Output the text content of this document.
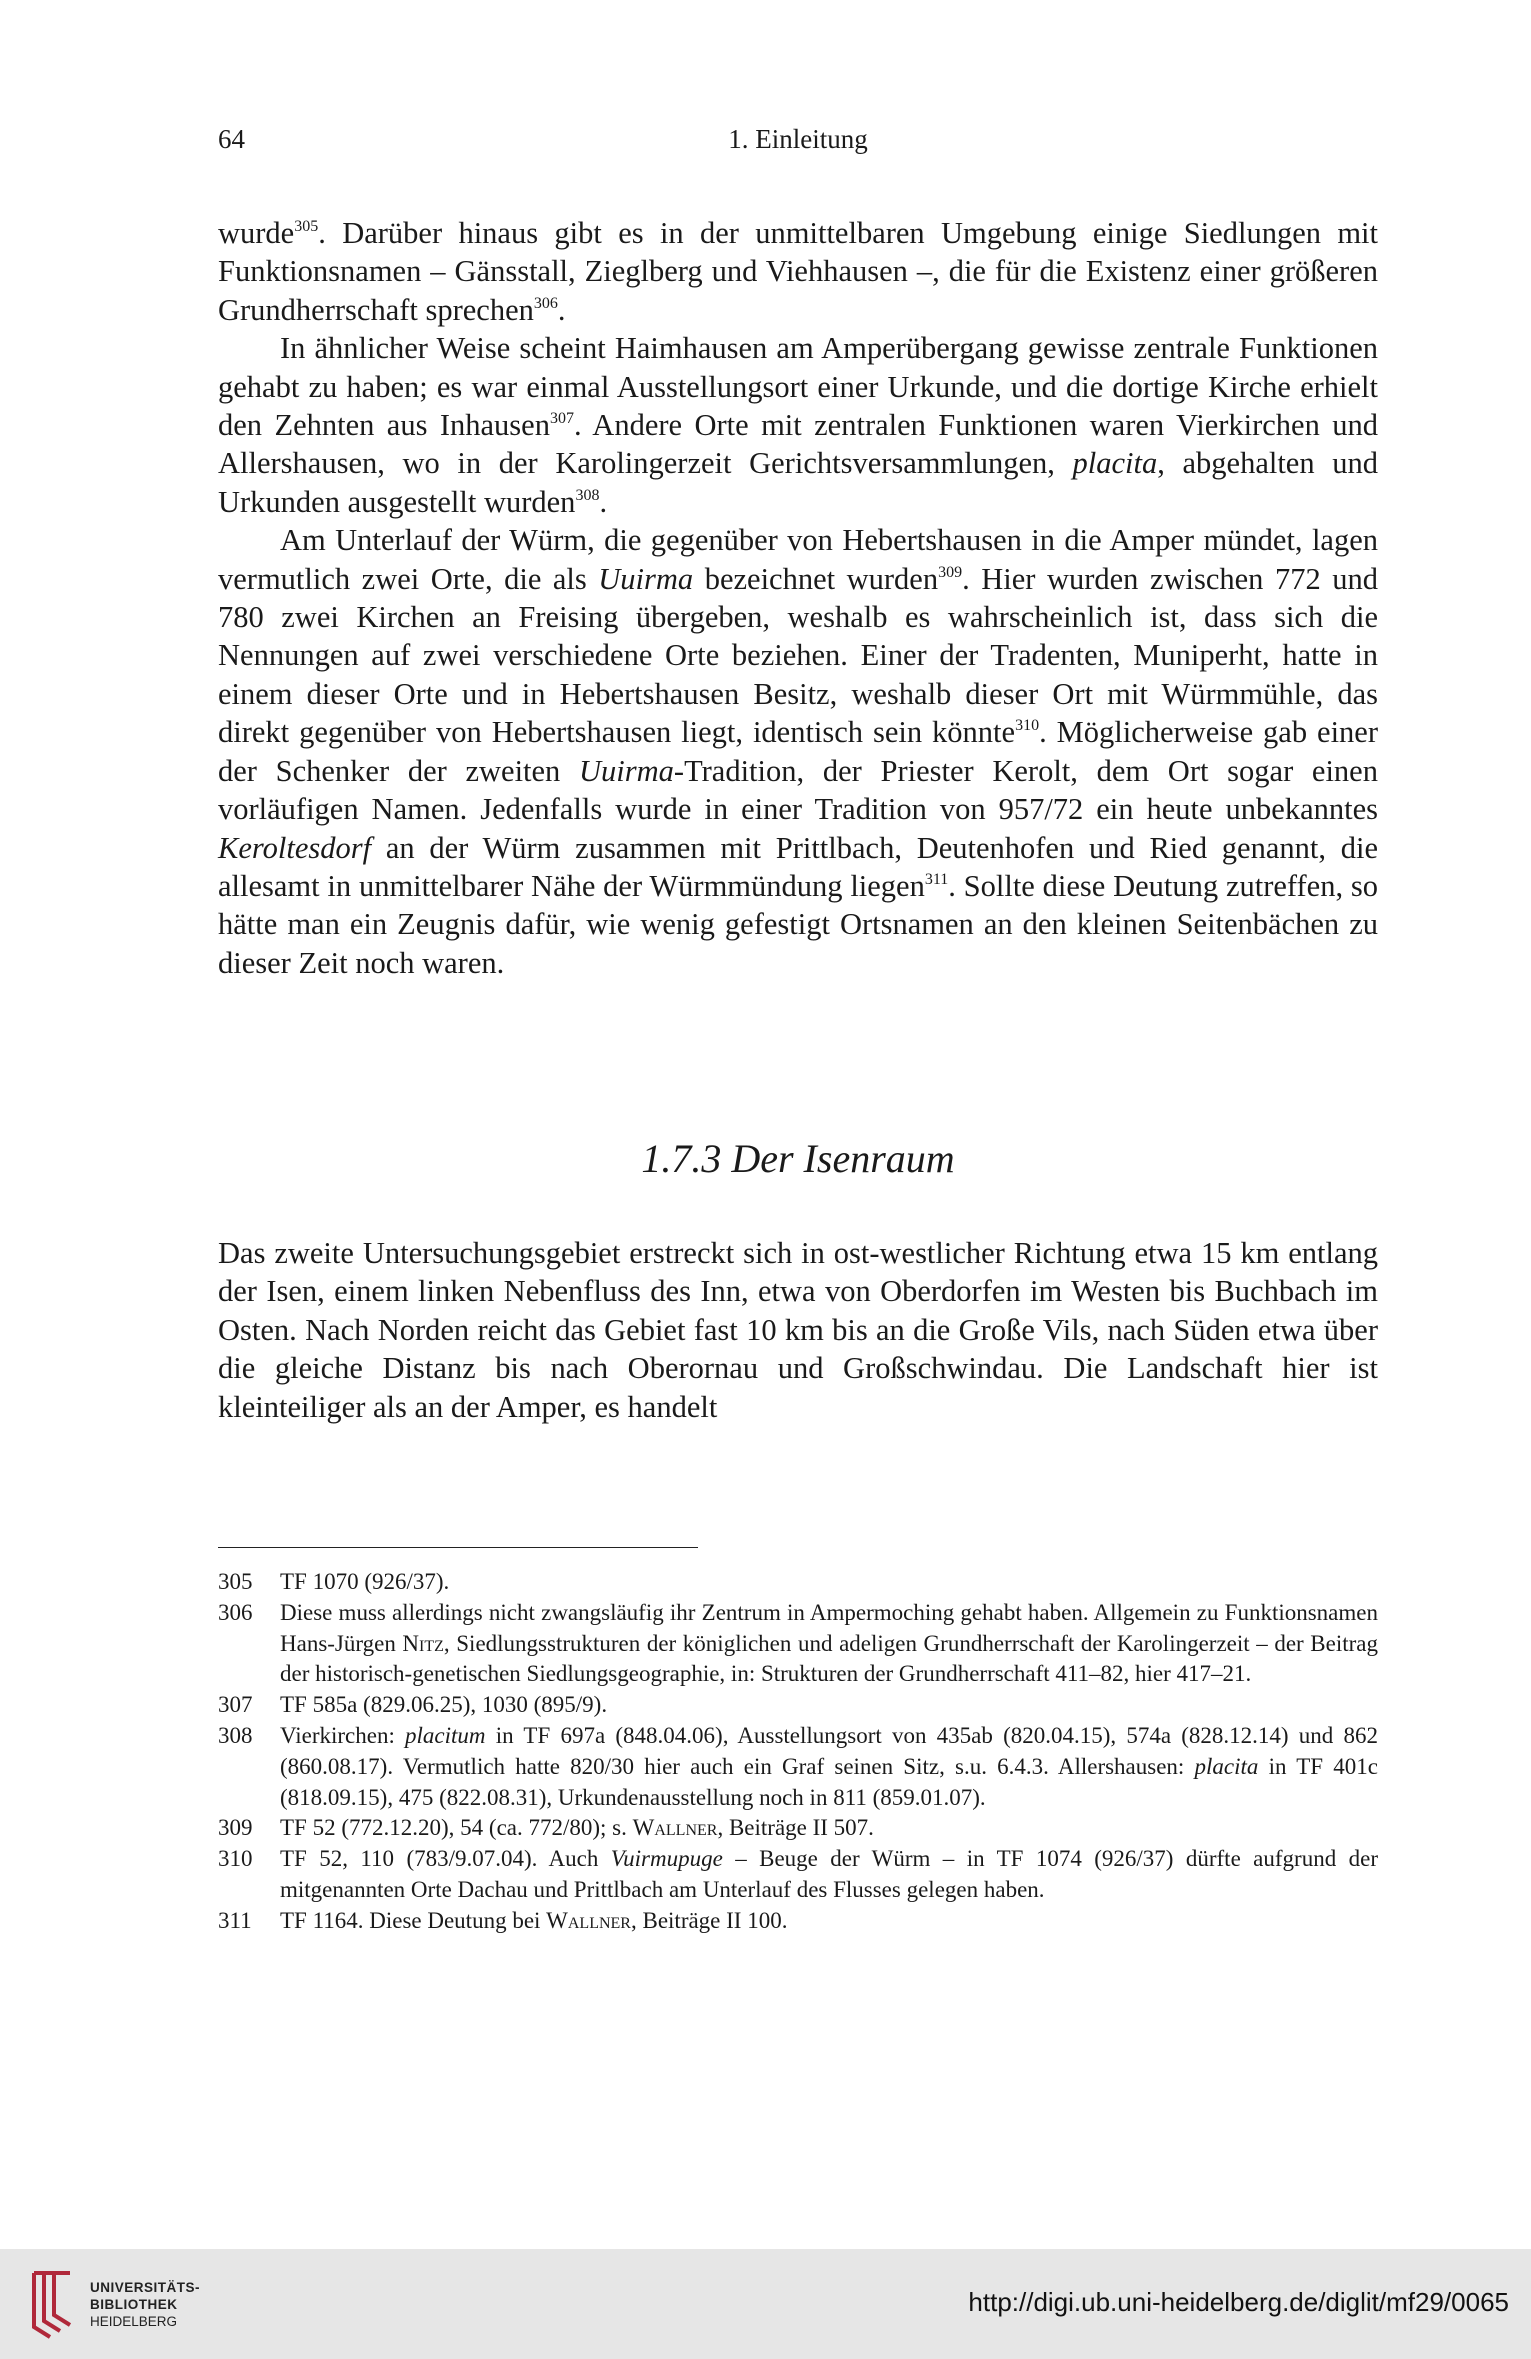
64	1. Einleitung

wurde$^{305}$. Darüber hinaus gibt es in der unmittelbaren Umgebung einige Siedlungen mit Funktionsnamen – Gänsstall, Zieglberg und Viehhausen –, die für die Existenz einer größeren Grundherrschaft sprechen$^{306}$.

In ähnlicher Weise scheint Haimhausen am Amperübergang gewisse zentrale Funktionen gehabt zu haben; es war einmal Ausstellungsort einer Urkunde, und die dortige Kirche erhielt den Zehnten aus Inhausen$^{307}$. Andere Orte mit zentralen Funktionen waren Vierkirchen und Allershausen, wo in der Karolingerzeit Gerichtsversammlungen, placita, abgehalten und Urkunden ausgestellt wurden$^{308}$.

Am Unterlauf der Würm, die gegenüber von Hebertshausen in die Amper mündet, lagen vermutlich zwei Orte, die als Uuirma bezeichnet wurden$^{309}$. Hier wurden zwischen 772 und 780 zwei Kirchen an Freising übergeben, weshalb es wahrscheinlich ist, dass sich die Nennungen auf zwei verschiedene Orte beziehen. Einer der Tradenten, Muniperht, hatte in einem dieser Orte und in Hebertshausen Besitz, weshalb dieser Ort mit Würmmühle, das direkt gegenüber von Hebertshausen liegt, identisch sein könnte$^{310}$. Möglicherweise gab einer der Schenker der zweiten Uuirma-Tradition, der Priester Kerolt, dem Ort sogar einen vorläufigen Namen. Jedenfalls wurde in einer Tradition von 957/72 ein heute unbekanntes Keroltesdorf an der Würm zusammen mit Prittlbach, Deutenhofen und Ried genannt, die allesamt in unmittelbarer Nähe der Würmmündung liegen$^{311}$. Sollte diese Deutung zutreffen, so hätte man ein Zeugnis dafür, wie wenig gefestigt Ortsnamen an den kleinen Seitenbächen zu dieser Zeit noch waren.

1.7.3 Der Isenraum

Das zweite Untersuchungsgebiet erstreckt sich in ost-westlicher Richtung etwa 15 km entlang der Isen, einem linken Nebenfluss des Inn, etwa von Oberdorfen im Westen bis Buchbach im Osten. Nach Norden reicht das Gebiet fast 10 km bis an die Große Vils, nach Süden etwa über die gleiche Distanz bis nach Oberornau und Großschwindau. Die Landschaft hier ist kleinteiliger als an der Amper, es handelt

305	TF 1070 (926/37).
306	Diese muss allerdings nicht zwangsläufig ihr Zentrum in Ampermoching gehabt haben. Allgemein zu Funktionsnamen Hans-Jürgen Nitz, Siedlungsstrukturen der königlichen und adeligen Grundherrschaft der Karolingerzeit – der Beitrag der historisch-genetischen Siedlungsgeographie, in: Strukturen der Grundherrschaft 411–82, hier 417–21.
307	TF 585a (829.06.25), 1030 (895/9).
308	Vierkirchen: placitum in TF 697a (848.04.06), Ausstellungsort von 435ab (820.04.15), 574a (828.12.14) und 862 (860.08.17). Vermutlich hatte 820/30 hier auch ein Graf seinen Sitz, s.u. 6.4.3. Allershausen: placita in TF 401c (818.09.15), 475 (822.08.31), Urkundenausstellung noch in 811 (859.01.07).
309	TF 52 (772.12.20), 54 (ca. 772/80); s. Wallner, Beiträge II 507.
310	TF 52, 110 (783/9.07.04). Auch Vuirmupuge – Beuge der Würm – in TF 1074 (926/37) dürfte aufgrund der mitgenannten Orte Dachau und Prittlbach am Unterlauf des Flusses gelegen haben.
311	TF 1164. Diese Deutung bei Wallner, Beiträge II 100.
UNIVERSITÄTS-
BIBLIOTHEK
HEIDELBERG
http://digi.ub.uni-heidelberg.de/diglit/mf29/0065
